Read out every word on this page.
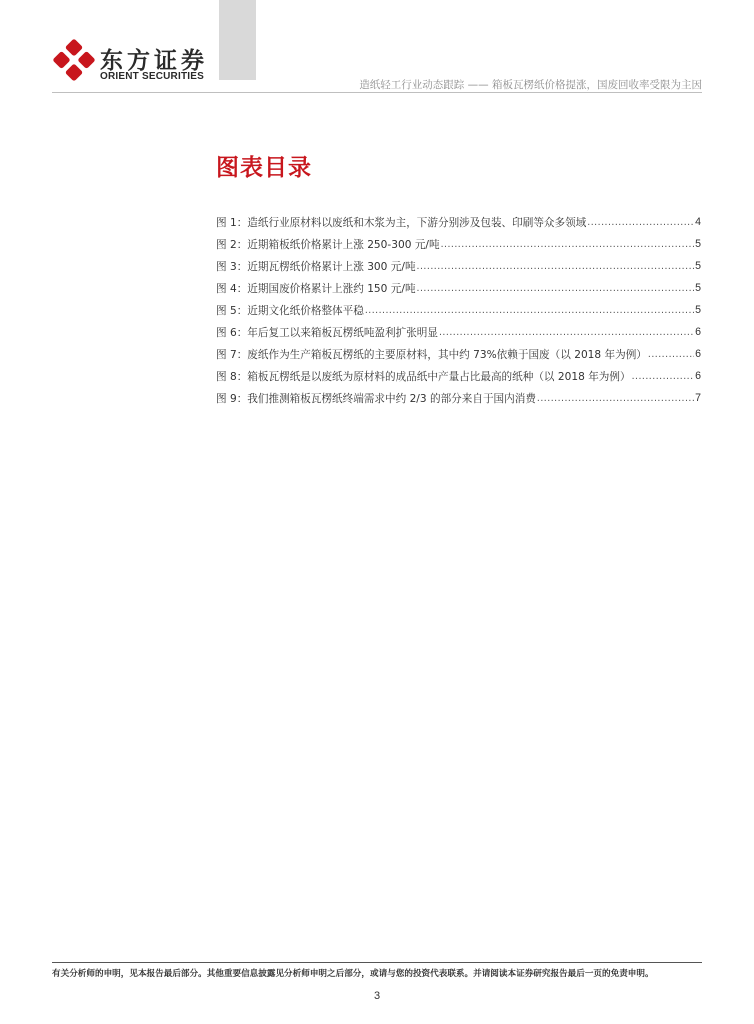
东方证券
ORIENT SECURITIES
造纸轻工行业动态跟踪 —— 箱板瓦楞纸价格提涨，国废回收率受限为主因
图表目录
图 1：造纸行业原材料以废纸和木浆为主，下游分别涉及包装、印刷等众多领域 .....	4
图 2：近期箱板纸价格累计上涨 250-300 元/吨 .....	5
图 3：近期瓦楞纸价格累计上涨 300 元/吨 .....	5
图 4：近期国废价格累计上涨约 150 元/吨 .....	5
图 5：近期文化纸价格整体平稳 .....	5
图 6：年后复工以来箱板瓦楞纸吨盈利扩张明显 .....	6
图 7：废纸作为生产箱板瓦楞纸的主要原材料，其中约 73%依赖于国废（以 2018 年为例） .....	6
图 8：箱板瓦楞纸是以废纸为原材料的成品纸中产量占比最高的纸种（以 2018 年为例） .....	6
图 9：我们推测箱板瓦楞纸终端需求中约 2/3 的部分来自于国内消费 .....	7
有关分析师的申明，见本报告最后部分。其他重要信息披露见分析师申明之后部分，或请与您的投资代表联系。并请阅读本证券研究报告最后一页的免责申明。
3
